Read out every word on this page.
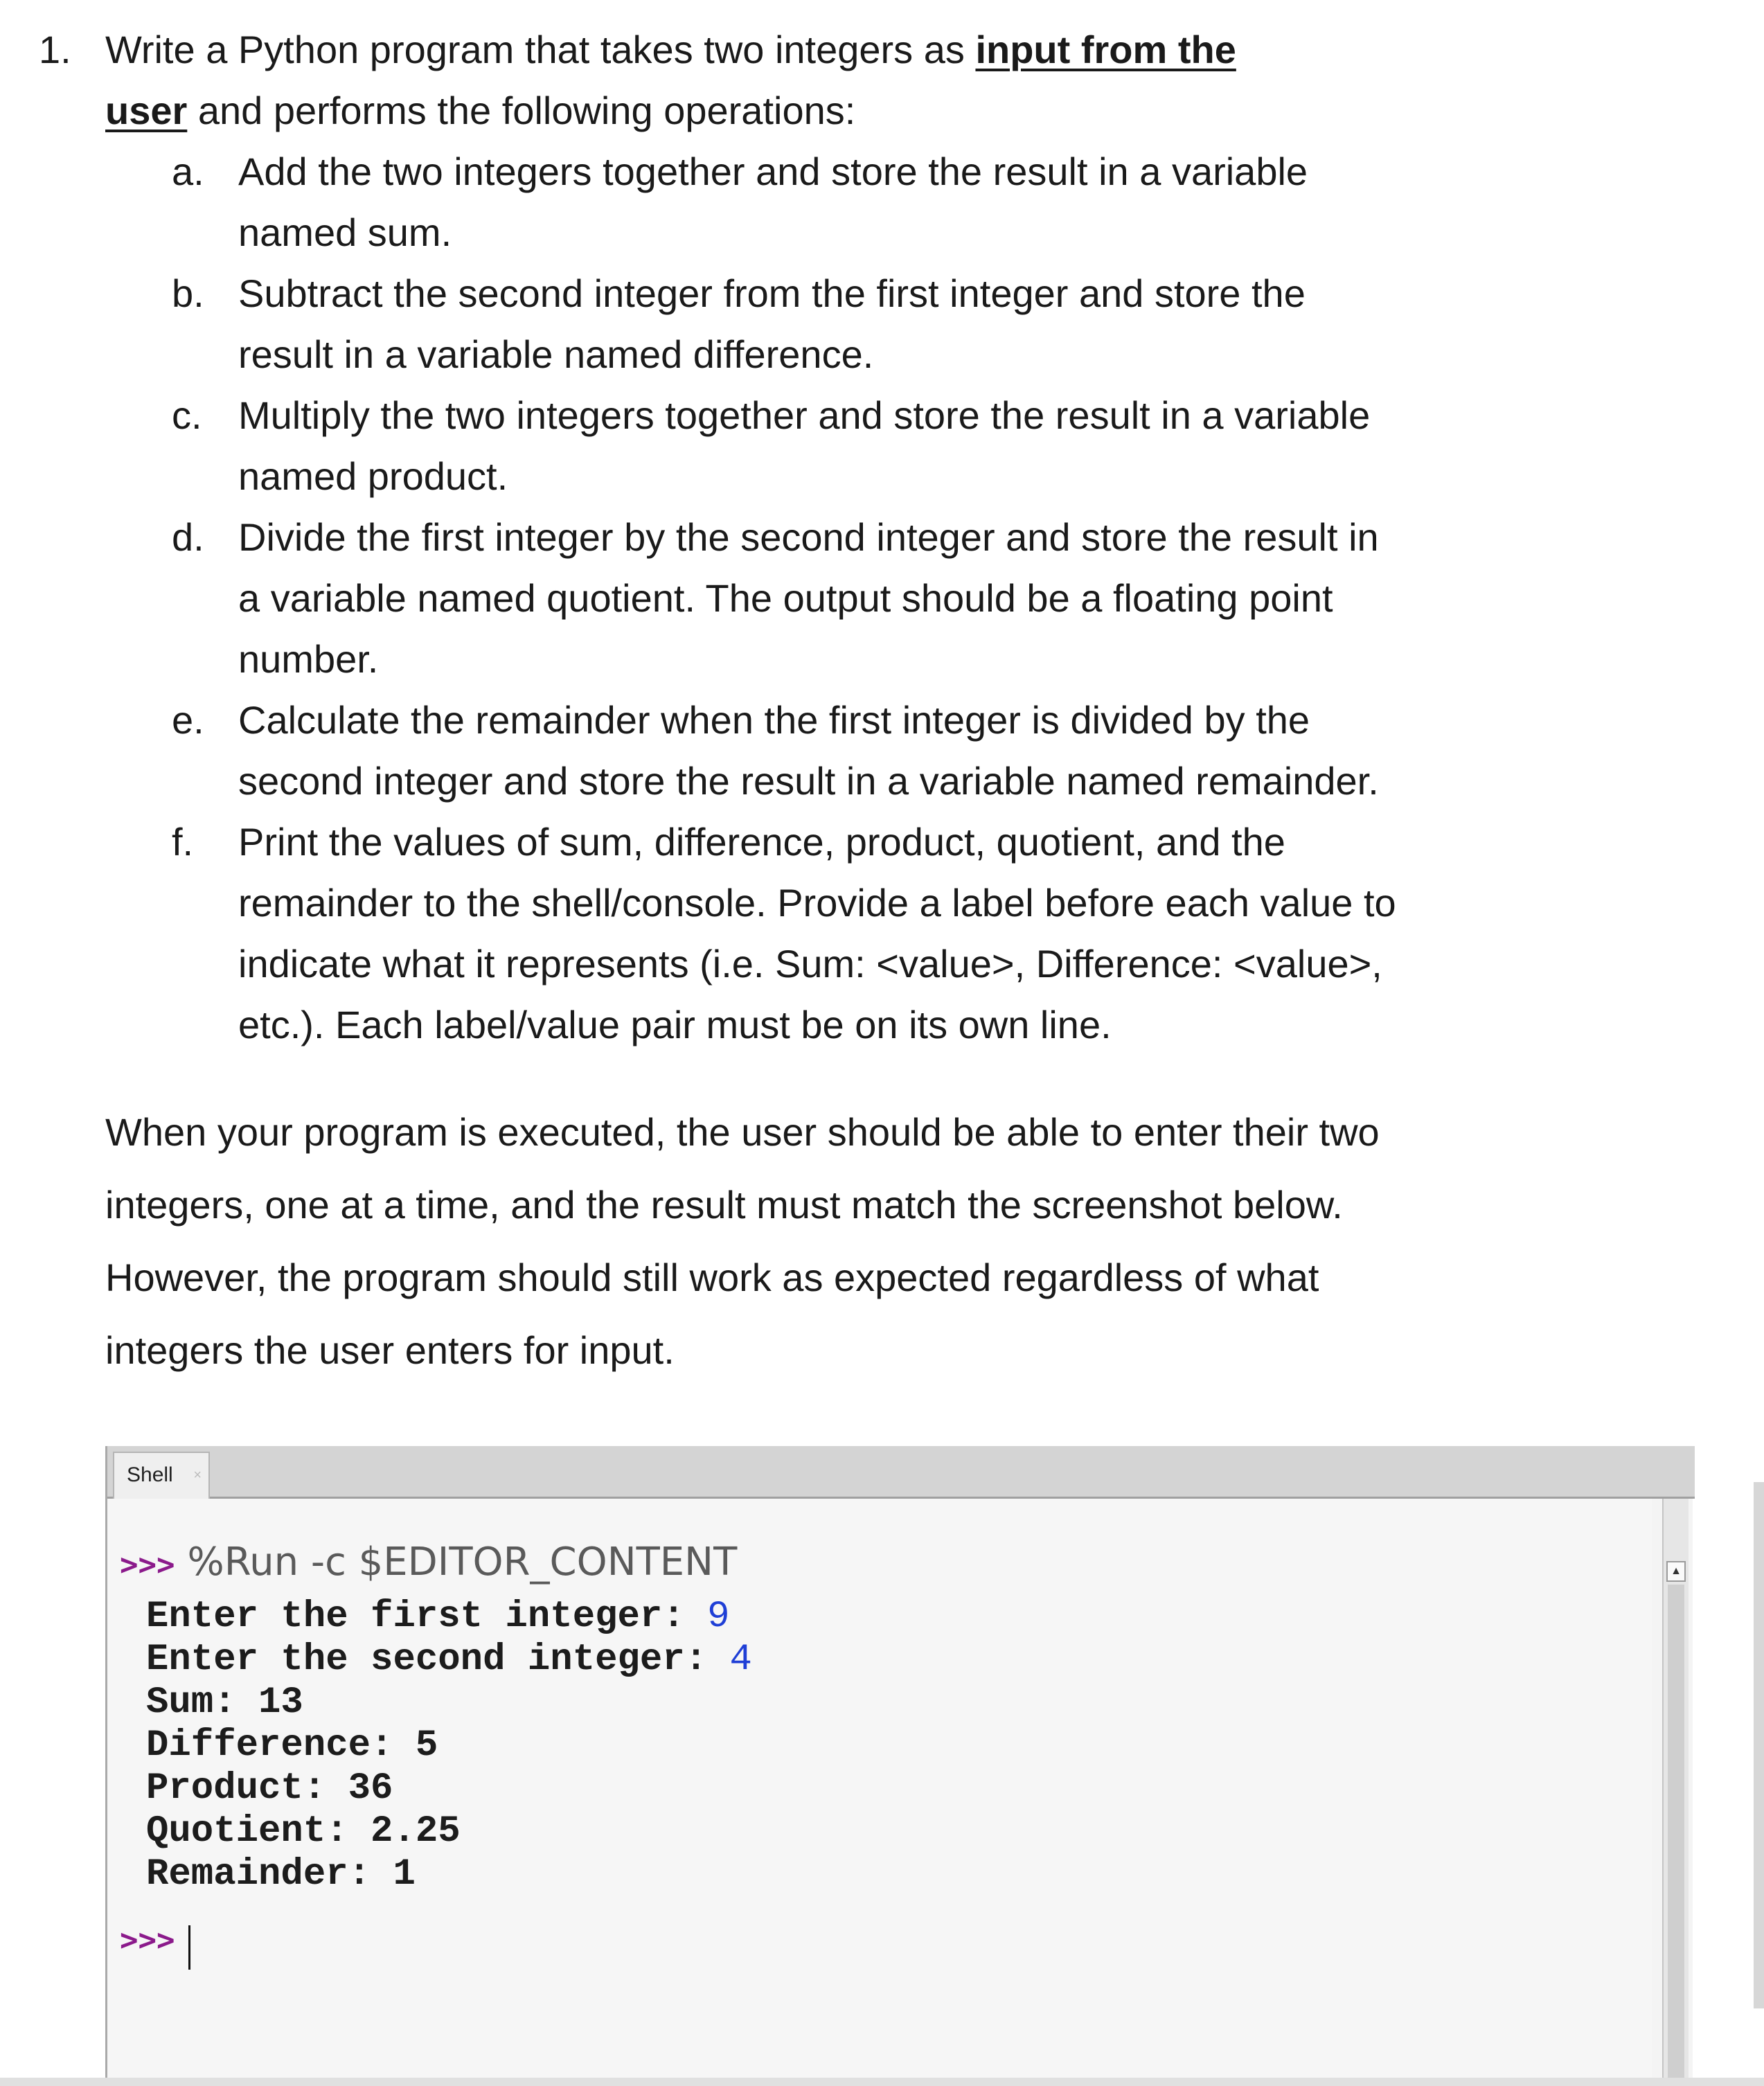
1. Write a Python program that takes two integers as input from the
user and performs the following operations:
a. Add the two integers together and store the result in a variable
named sum.
b. Subtract the second integer from the first integer and store the
result in a variable named difference.
c. Multiply the two integers together and store the result in a variable
named product.
d. Divide the first integer by the second integer and store the result in
a variable named quotient. The output should be a floating point
number.
e. Calculate the remainder when the first integer is divided by the
second integer and store the result in a variable named remainder.
f. Print the values of sum, difference, product, quotient, and the
remainder to the shell/console. Provide a label before each value to
indicate what it represents (i.e. Sum: <value>, Difference: <value>,
etc.). Each label/value pair must be on its own line.
When your program is executed, the user should be able to enter their two
integers, one at a time, and the result must match the screenshot below.
However, the program should still work as expected regardless of what
integers the user enters for input.
Shell ×
>>> %Run -c $EDITOR_CONTENT
Enter the first integer: 9
Enter the second integer: 4
Sum: 13
Difference: 5
Product: 36
Quotient: 2.25
Remainder: 1
>>>
▲
